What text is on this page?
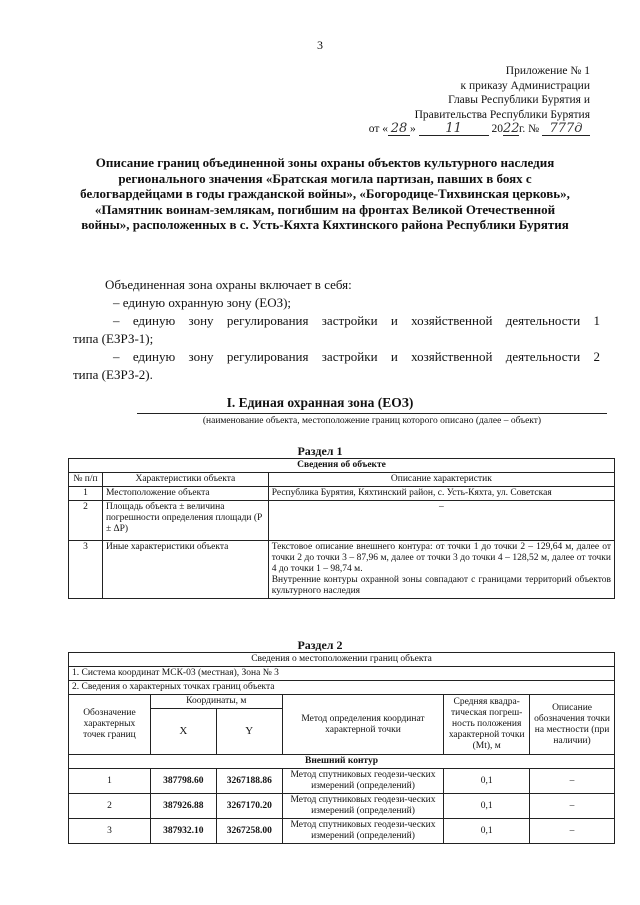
3
Приложение № 1
к приказу Администрации
Главы Республики Бурятия и
Правительства Республики Бурятия
от « 28 » 11	2022г. № 777д
Описание границ объединенной зоны охраны объектов культурного наследия регионального значения «Братская могила партизан, павших в боях с белогвардейцами в годы гражданской войны», «Богородице-Тихвинская церковь», «Памятник воинам-землякам, погибшим на фронтах Великой Отечественной войны», расположенных в с. Усть-Кяхта Кяхтинского района Республики Бурятия

Объединенная зона охраны включает в себя:

– единую охранную зону (ЕОЗ);

– единую зону регулирования застройки и хозяйственной деятельности 1

типа (ЕЗРЗ-1);

– единую зону регулирования застройки и хозяйственной деятельности 2

типа (ЕЗРЗ-2).

I. Единая охранная зона (ЕОЗ)
(наименование объекта, местоположение границ которого описано (далее – объект)
Раздел 1
Сведения об объекте		
№ п/п	Характеристики объекта	Описание характеристик
1	Местоположение объекта	Республика Бурятия, Кяхтинский район, с. Усть-Кяхта, ул. Советская
2	Площадь объекта ± величина погрешности определения площади (P ± ΔP)	–
3	Иные характеристики объекта	Текстовое описание внешнего контура: от точки 1 до точки 2 – 129,64 м, далее от точки 2 до точки 3 – 87,96 м, далее от точки 3 до точки 4 – 128,52 м, далее от точки 4 до точки 1 – 98,74 м.
Внутренние контуры охранной зоны совпадают с границами территорий объектов культурного наследия
Раздел 2
Сведения о местоположении границ объекта					
1. Система координат МСК-03 (местная), Зона № 3					
2. Сведения о характерных точках границ объекта					
Обозначение характерных точек границ	Координаты, м		Метод определения координат характерной точки	Средняя квадра-тическая погреш-ность положения характерной точки (Mt), м	Описание обозначения точки на местности (при наличии)
	X	Y			
Внешний контур					
1	387798.60	3267188.86	Метод спутниковых геодези-ческих измерений (определений)	0,1	–
2	387926.88	3267170.20	Метод спутниковых геодези-ческих измерений (определений)	0,1	–
3	387932.10	3267258.00	Метод спутниковых геодези-ческих измерений (определений)	0,1	–
